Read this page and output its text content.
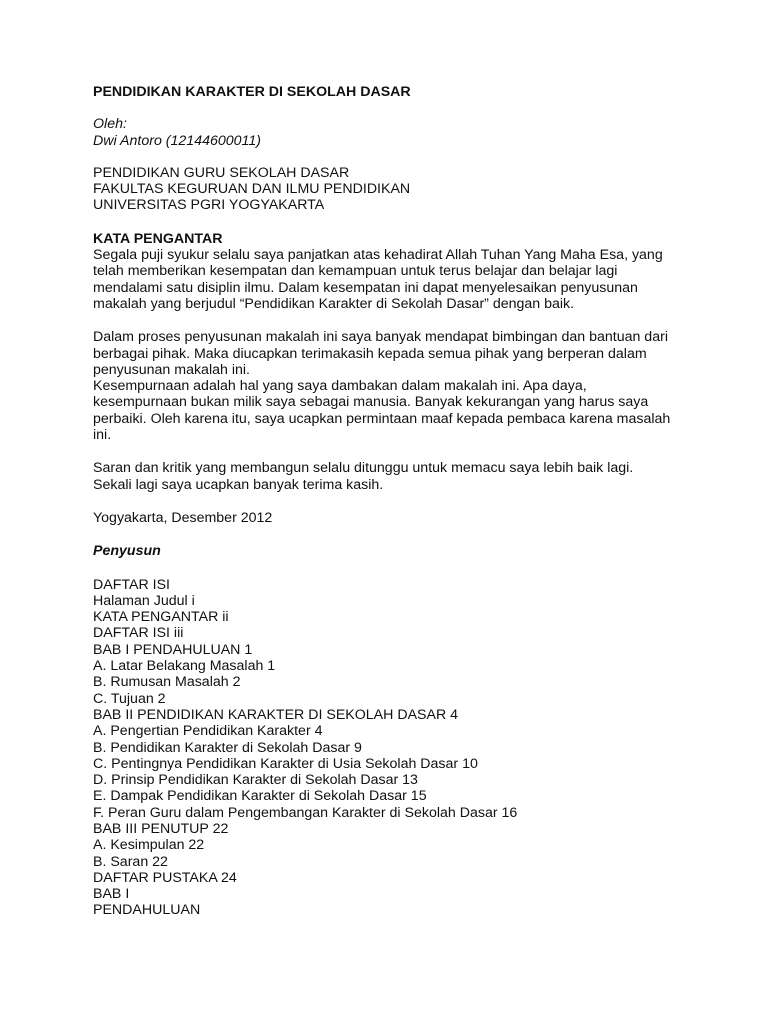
PENDIDIKAN KARAKTER DI SEKOLAH DASAR
Oleh:
Dwi Antoro (12144600011)
PENDIDIKAN GURU SEKOLAH DASAR
FAKULTAS KEGURUAN DAN ILMU PENDIDIKAN
UNIVERSITAS PGRI YOGYAKARTA
KATA PENGANTAR
Segala puji syukur selalu saya panjatkan atas kehadirat Allah Tuhan Yang Maha Esa, yang
telah memberikan kesempatan dan kemampuan untuk terus belajar dan belajar lagi
mendalami satu disiplin ilmu. Dalam kesempatan ini dapat menyelesaikan penyusunan
makalah yang berjudul “Pendidikan Karakter di Sekolah Dasar” dengan baik.
Dalam proses penyusunan makalah ini saya banyak mendapat bimbingan dan bantuan dari
berbagai pihak. Maka diucapkan terimakasih kepada semua pihak yang berperan dalam
penyusunan makalah ini.
Kesempurnaan adalah hal yang saya dambakan dalam makalah ini. Apa daya,
kesempurnaan bukan milik saya sebagai manusia. Banyak kekurangan yang harus saya
perbaiki. Oleh karena itu, saya ucapkan permintaan maaf kepada pembaca karena masalah
ini.
Saran dan kritik yang membangun selalu ditunggu untuk memacu saya lebih baik lagi.
Sekali lagi saya ucapkan banyak terima kasih.
Yogyakarta, Desember 2012
Penyusun
DAFTAR ISI
Halaman Judul i
KATA PENGANTAR ii
DAFTAR ISI iii
BAB I PENDAHULUAN 1
A. Latar Belakang Masalah 1
B. Rumusan Masalah 2
C. Tujuan 2
BAB II PENDIDIKAN KARAKTER DI SEKOLAH DASAR 4
A. Pengertian Pendidikan Karakter 4
B. Pendidikan Karakter di Sekolah Dasar 9
C. Pentingnya Pendidikan Karakter di Usia Sekolah Dasar 10
D. Prinsip Pendidikan Karakter di Sekolah Dasar 13
E. Dampak Pendidikan Karakter di Sekolah Dasar 15
F. Peran Guru dalam Pengembangan Karakter di Sekolah Dasar 16
BAB III PENUTUP 22
A. Kesimpulan 22
B. Saran 22
DAFTAR PUSTAKA 24
BAB I
PENDAHULUAN
